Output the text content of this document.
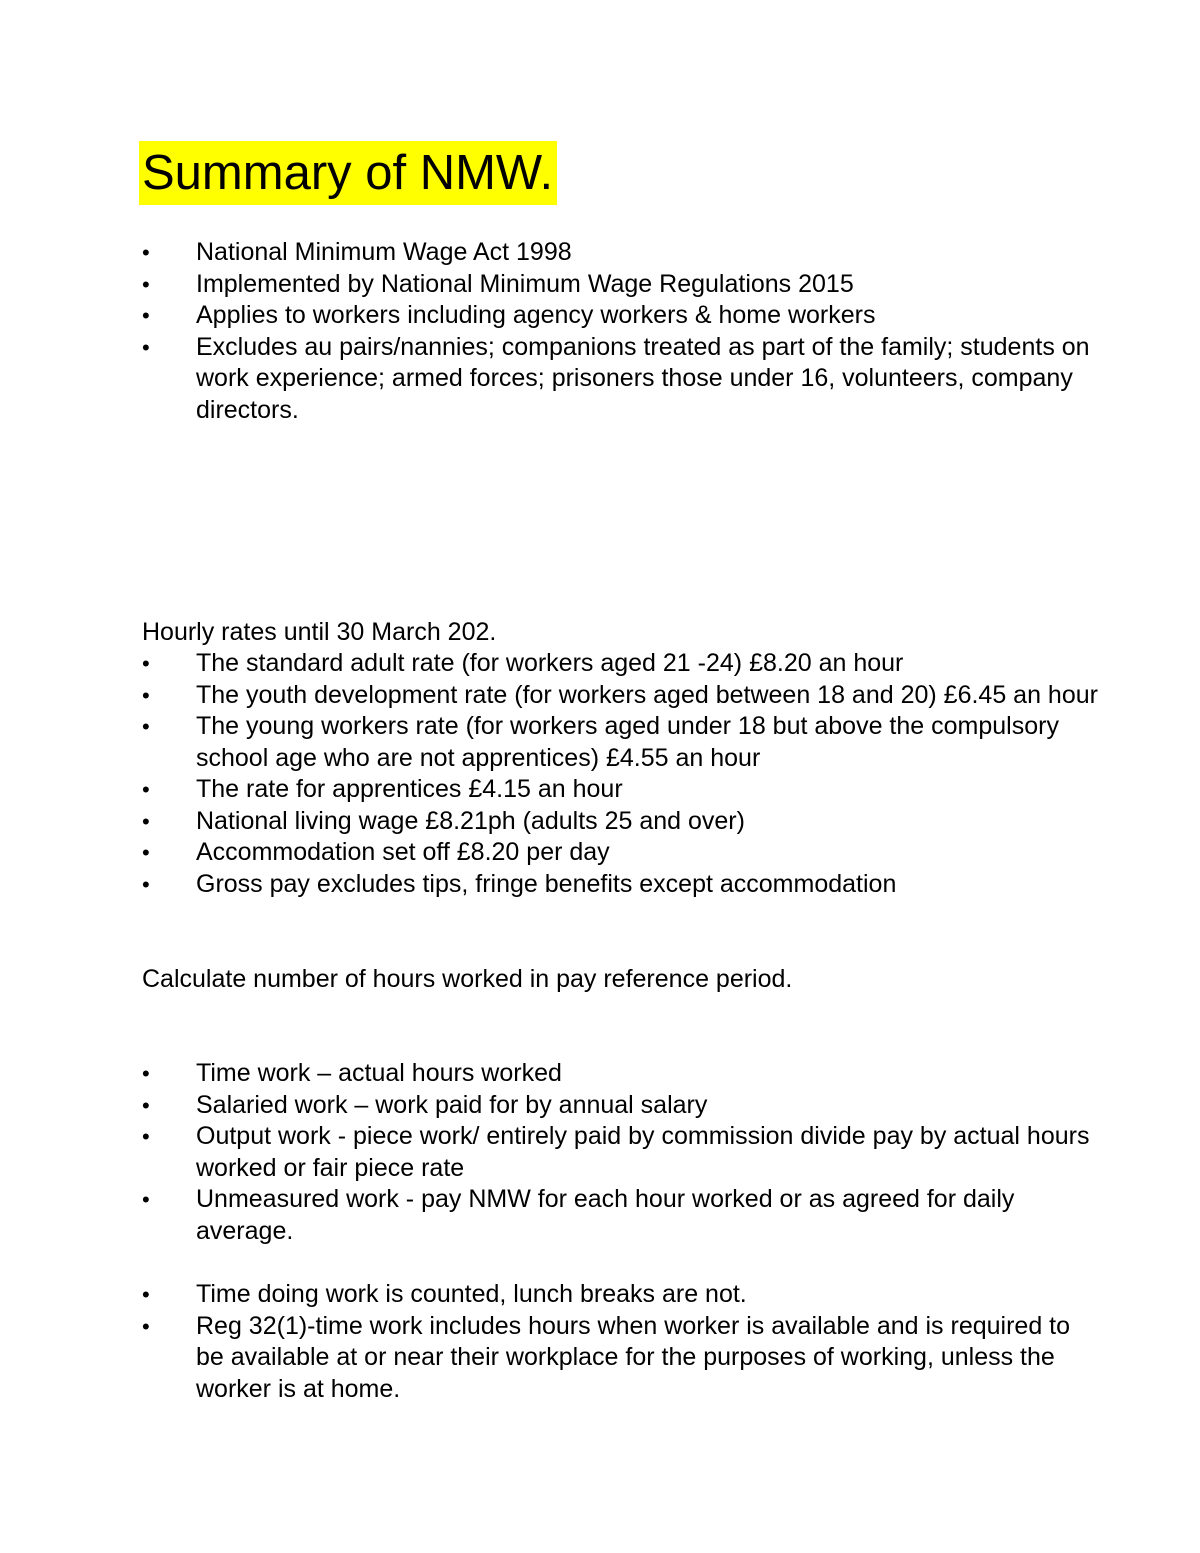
Summary of NMW.
•	National Minimum Wage Act 1998
•	Implemented by National Minimum Wage Regulations 2015
•	Applies to workers including agency workers & home workers
•	Excludes au pairs/nannies; companions treated as part of the family; students on work experience; armed forces; prisoners those under 16, volunteers, company directors.
Hourly rates until 30 March 202.
•	The standard adult rate (for workers aged 21 -24) £8.20 an hour
•	The youth development rate (for workers aged between 18 and 20) £6.45 an hour
•	The young workers rate (for workers aged under 18 but above the compulsory school age who are not apprentices) £4.55 an hour
•	The rate for apprentices £4.15 an hour
•	National living wage £8.21ph (adults 25 and over)
•	Accommodation set off £8.20 per day
•	Gross pay excludes tips, fringe benefits except accommodation
Calculate number of hours worked in pay reference period.
•	Time work – actual hours worked
•	Salaried work – work paid for by annual salary
•	Output work - piece work/ entirely paid by commission divide pay by actual hours worked or fair piece rate
•	Unmeasured work - pay NMW for each hour worked or as agreed for daily average.
•	Time doing work is counted, lunch breaks are not.
•	Reg 32(1)-time work includes hours when worker is available and is required to be available at or near their workplace for the purposes of working, unless the worker is at home.
